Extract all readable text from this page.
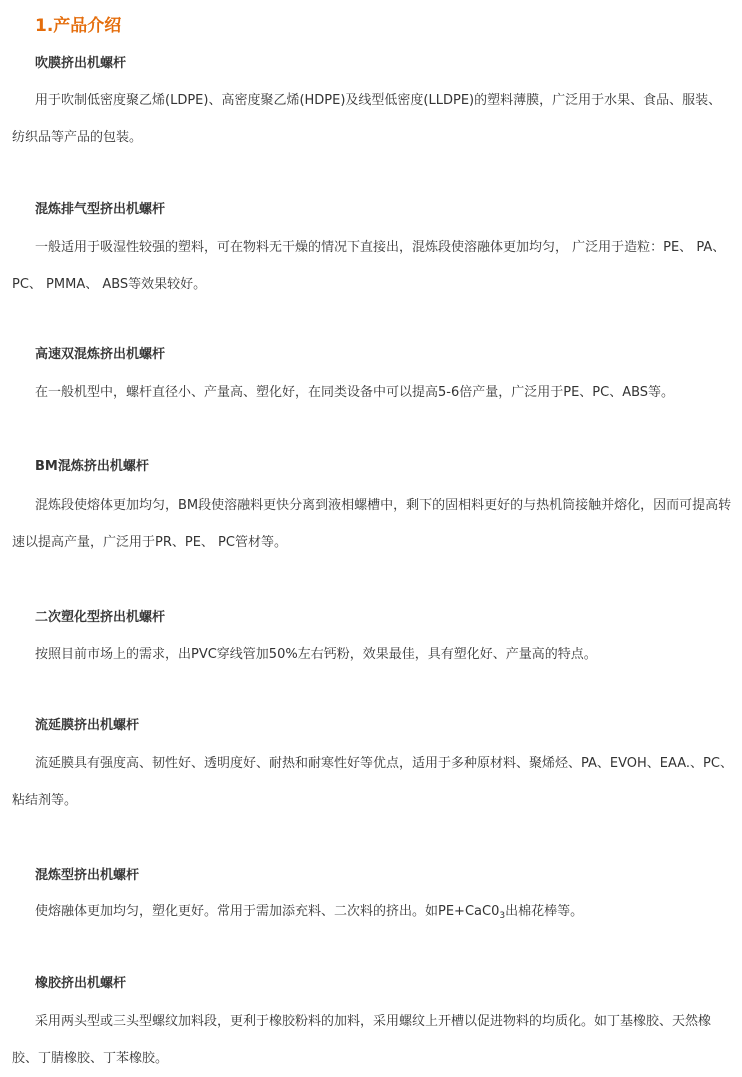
1.产品介绍
吹膜挤出机螺杆

用于吹制低密度聚乙烯(LDPE)、高密度聚乙烯(HDPE)及线型低密度(LLDPE)的塑料薄膜，广泛用于水果、食品、服装、纺织品等产品的包装。

混炼排气型挤出机螺杆

一般适用于吸湿性较强的塑料，可在物料无干燥的情况下直接出，混炼段使溶融体更加均匀， 广泛用于造粒：PE、 PA、 PC、 PMMA、 ABS等效果较好。

高速双混炼挤出机螺杆

在一般机型中，螺杆直径小、产量高、塑化好，在同类设备中可以提高5-6倍产量，广泛用于PE、PC、ABS等。

BM混炼挤出机螺杆

混炼段使熔体更加均匀，BM段使溶融料更快分离到液相螺槽中，剩下的固相料更好的与热机筒接触并熔化，因而可提高转速以提高产量，广泛用于PR、PE、 PC管材等。

二次塑化型挤出机螺杆

按照目前市场上的需求，出PVC穿线管加50%左右钙粉，效果最佳，具有塑化好、产量高的特点。

流延膜挤出机螺杆

流延膜具有强度高、韧性好、透明度好、耐热和耐寒性好等优点，适用于多种原材料、聚烯烃、PA、EVOH、EAA.、PC、粘结剂等。

混炼型挤出机螺杆

使熔融体更加均匀，塑化更好。常用于需加添充料、二次料的挤出。如$PE+CaC0_3$出棉花棒等。

橡胶挤出机螺杆

采用两头型或三头型螺纹加料段，更利于橡胶粉料的加料，采用螺纹上开槽以促进物料的均质化。如丁基橡胶、天然橡胶、丁腈橡胶、丁苯橡胶。
